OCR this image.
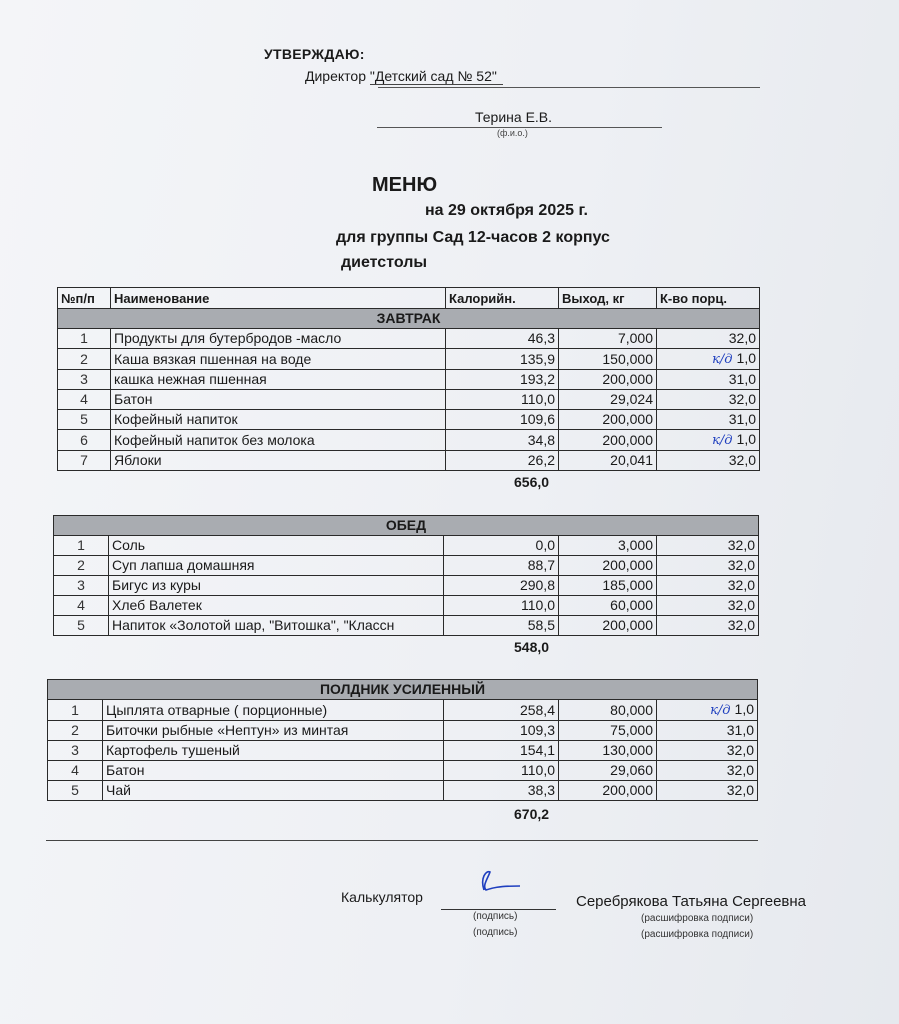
УТВЕРЖДАЮ:
Директор "Детский сад № 52"
Терина Е.В.
(ф.и.о.)
МЕНЮ
на 29 октября 2025 г.
для группы Сад 12-часов 2 корпус
диетстолы
№п/п	Наименование	Калорийн.	Выход, кг	К-во порц.
ЗАВТРАК				
1	Продукты для бутербродов -масло	46,3	7,000	32,0
2	Каша вязкая пшенная на воде	135,9	150,000	к/д 1,0
3	кашка нежная пшенная	193,2	200,000	31,0
4	Батон	110,0	29,024	32,0
5	Кофейный напиток	109,6	200,000	31,0
6	Кофейный напиток без молока	34,8	200,000	к/д 1,0
7	Яблоки	26,2	20,041	32,0
656,0
ОБЕД				
1	Соль	0,0	3,000	32,0
2	Суп лапша домашняя	88,7	200,000	32,0
3	Бигус из куры	290,8	185,000	32,0
4	Хлеб Валетек	110,0	60,000	32,0
5	Напиток «Золотой шар, "Витошка", "Классн	58,5	200,000	32,0
548,0
ПОЛДНИК УСИЛЕННЫЙ				
1	Цыплята отварные ( порционные)	258,4	80,000	к/д 1,0
2	Биточки рыбные «Нептун» из минтая	109,3	75,000	31,0
3	Картофель тушеный	154,1	130,000	32,0
4	Батон	110,0	29,060	32,0
5	Чай	38,3	200,000	32,0
670,2
Калькулятор
(подпись)
(подпись)
Серебрякова Татьяна Сергеевна
(расшифровка подписи)
(расшифровка подписи)
